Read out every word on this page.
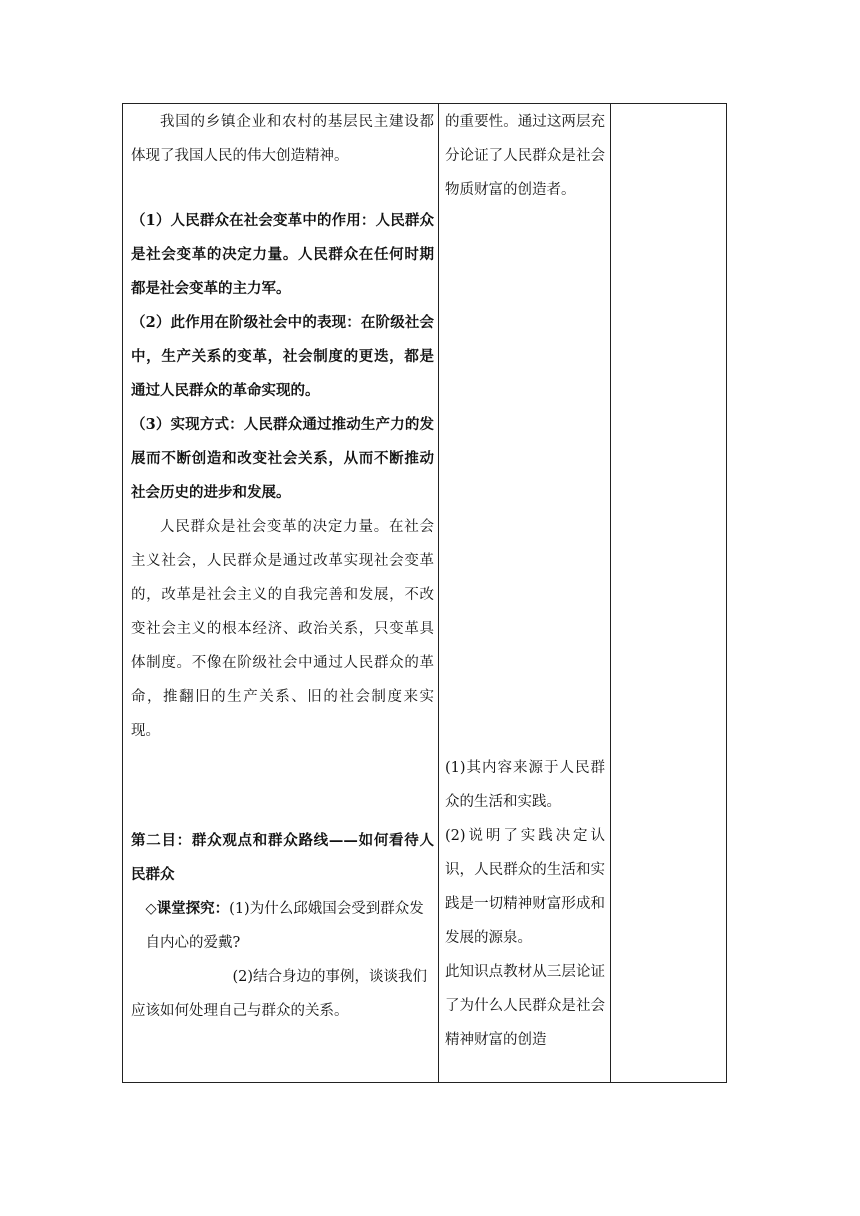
我国的乡镇企业和农村的基层民主建设都体现了我国人民的伟大创造精神。

（1）人民群众在社会变革中的作用：人民群众是社会变革的决定力量。人民群众在任何时期都是社会变革的主力军。

（2）此作用在阶级社会中的表现：在阶级社会中，生产关系的变革，社会制度的更迭，都是通过人民群众的革命实现的。

（3）实现方式：人民群众通过推动生产力的发展而不断创造和改变社会关系，从而不断推动社会历史的进步和发展。

人民群众是社会变革的决定力量。在社会主义社会，人民群众是通过改革实现社会变革的，改革是社会主义的自我完善和发展，不改变社会主义的根本经济、政治关系，只变革具体制度。不像在阶级社会中通过人民群众的革命，推翻旧的生产关系、旧的社会制度来实现。

第二目：群众观点和群众路线——如何看待人民群众

◇课堂探究：(1)为什么邱娥国会受到群众发自内心的爱戴?

(2)结合身边的事例，谈谈我们应该如何处理自己与群众的关系。

的重要性。通过这两层充分论证了人民群众是社会物质财富的创造者。

(1)其内容来源于人民群众的生活和实践。

(2)说明了实践决定认识，人民群众的生活和实践是一切精神财富形成和发展的源泉。

此知识点教材从三层论证了为什么人民群众是社会精神财富的创造
